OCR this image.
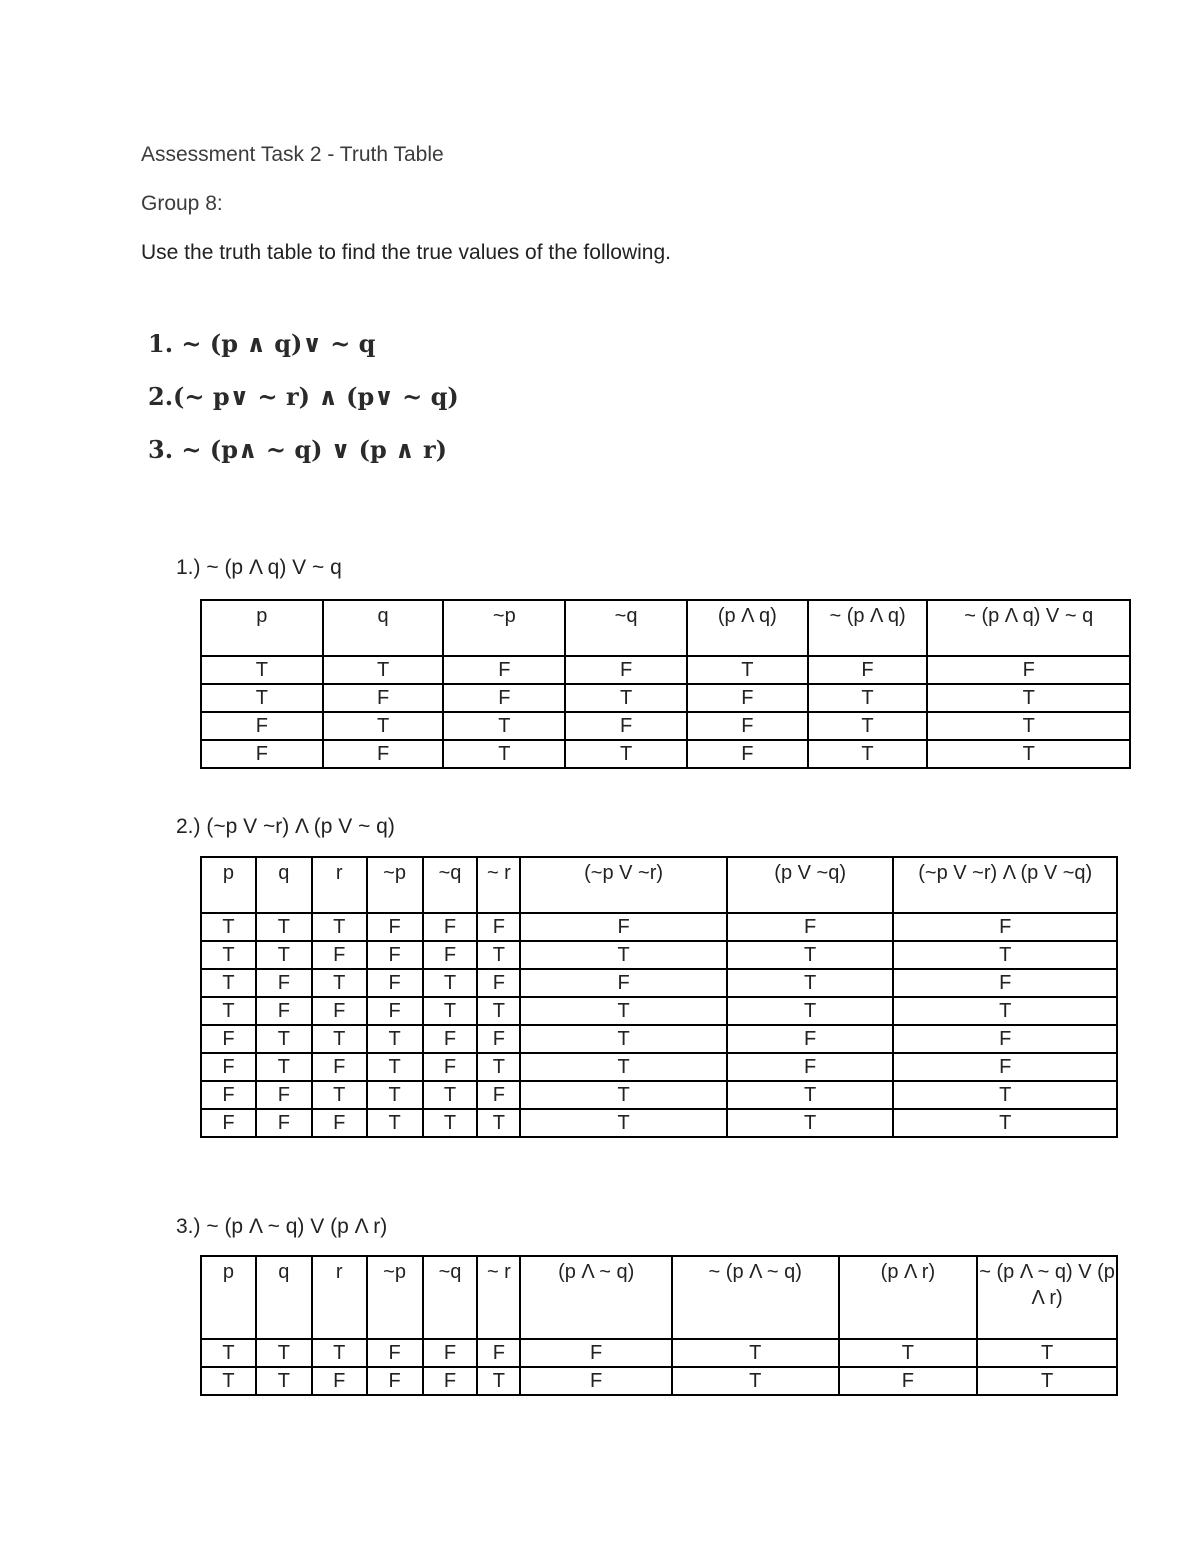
Assessment Task 2 - Truth Table
Group 8:
Use the truth table to find the true values of the following.
1. ~ (p ∧ q)∨ ~ q
2.(~ p∨ ~ r) ∧ (p∨ ~ q)
3. ~ (p∧ ~ q) ∨ (p ∧ r)
1.) ~ (p Λ q) V ~ q
p	q	~p	~q	(p Λ q)	~ (p Λ q)	~ (p Λ q) V ~ q
T	T	F	F	T	F	F
T	F	F	T	F	T	T
F	T	T	F	F	T	T
F	F	T	T	F	T	T
2.) (~p V ~r) Λ (p V ~ q)
p	q	r	~p	~q	~ r	(~p V ~r)	(p V ~q)	(~p V ~r) Λ (p V ~q)
T	T	T	F	F	F	F	F	F
T	T	F	F	F	T	T	T	T
T	F	T	F	T	F	F	T	F
T	F	F	F	T	T	T	T	T
F	T	T	T	F	F	T	F	F
F	T	F	T	F	T	T	F	F
F	F	T	T	T	F	T	T	T
F	F	F	T	T	T	T	T	T
3.) ~ (p Λ ~ q) V (p Λ r)
p	q	r	~p	~q	~ r	(p Λ ~ q)	~ (p Λ ~ q)	(p Λ r)	~ (p Λ ~ q) V (p Λ r)
T	T	T	F	F	F	F	T	T	T
T	T	F	F	F	T	F	T	F	T
